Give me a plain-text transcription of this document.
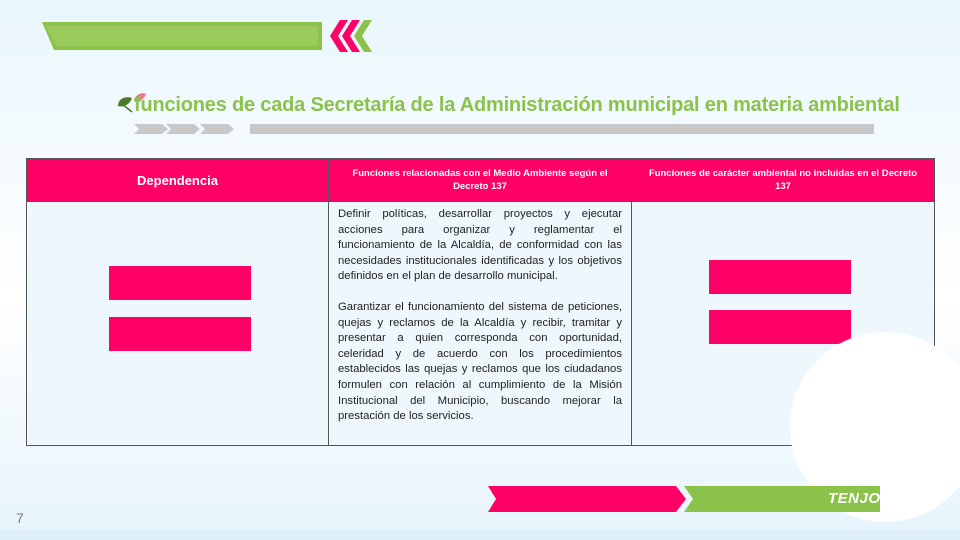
funciones de cada Secretaría de la Administración municipal en materia ambiental
Dependencia	Funciones relacionadas con el Medio Ambiente según el Decreto 137	Funciones de carácter ambiental no incluidas en el Decreto 137

	Definir políticas, desarrollar proyectos y ejecutar acciones para organizar y reglamentar el funcionamiento de la Alcaldía, de conformidad con las necesidades institucionales identificadas y los objetivos definidos en el plan de desarrollo municipal.

Garantizar el funcionamiento del sistema de peticiones, quejas y reclamos de la Alcaldía y recibir, tramitar y presentar a quien corresponda con oportunidad, celeridad y de acuerdo con los procedimientos establecidos las quejas y reclamos que los ciudadanos formulen con relación al cumplimiento de la Misión Institucional del Municipio, buscando mejorar la prestación de los servicios.	

TENJO
7
